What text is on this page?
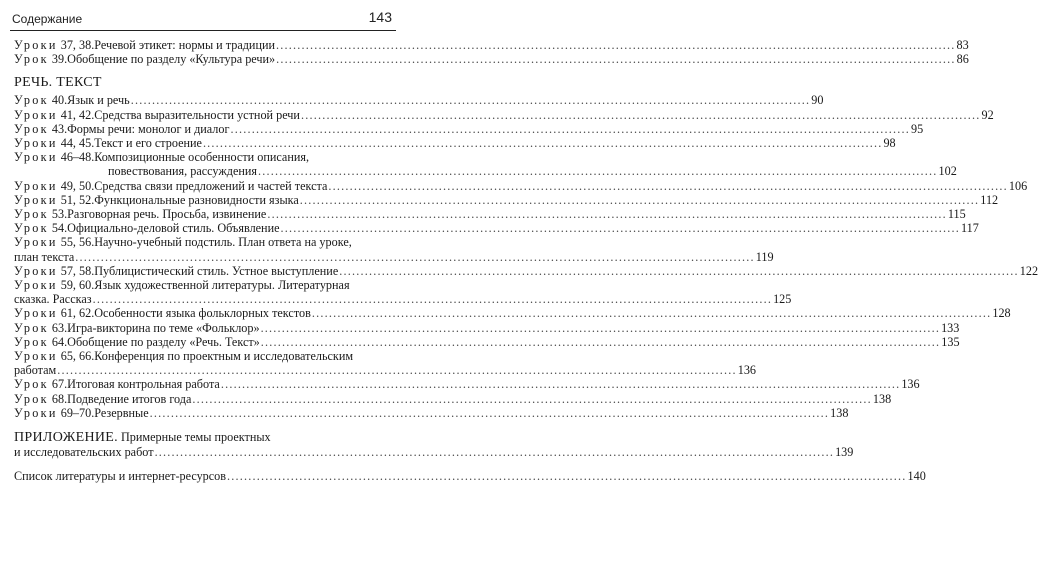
Содержание	143
Уроки 37, 38. Речевой этикет: нормы и традиции ................................................................................................................................................................ 83
Урок 39. Обобщение по разделу «Культура речи» ................................................................................................................................................................ 86
РЕЧЬ. ТЕКСТ
Урок 40. Язык и речь ................................................................................................................................................................ 90
Уроки 41, 42. Средства выразительности устной речи ................................................................................................................................................................ 92
Урок 43. Формы речи: монолог и диалог ................................................................................................................................................................ 95
Уроки 44, 45. Текст и его строение ................................................................................................................................................................ 98
Уроки 46–48. Композиционные особенности описания,
повествования, рассуждения ................................................................................................................................................................ 102
Уроки 49, 50. Средства связи предложений и частей текста ................................................................................................................................................................ 106
Уроки 51, 52. Функциональные разновидности языка ................................................................................................................................................................ 112
Урок 53. Разговорная речь. Просьба, извинение ................................................................................................................................................................ 115
Урок 54. Официально-деловой стиль. Объявление ................................................................................................................................................................ 117
Уроки 55, 56. Научно-учебный подстиль. План ответа на уроке,
план текста ................................................................................................................................................................ 119
Уроки 57, 58. Публицистический стиль. Устное выступление ................................................................................................................................................................ 122
Уроки 59, 60. Язык художественной литературы. Литературная
сказка. Рассказ ................................................................................................................................................................ 125
Уроки 61, 62. Особенности языка фольклорных текстов ................................................................................................................................................................ 128
Урок 63. Игра-викторина по теме «Фольклор» ................................................................................................................................................................ 133
Урок 64. Обобщение по разделу «Речь. Текст» ................................................................................................................................................................ 135
Уроки 65, 66. Конференция по проектным и исследовательским
работам ................................................................................................................................................................ 136
Урок 67. Итоговая контрольная работа ................................................................................................................................................................ 136
Урок 68. Подведение итогов года ................................................................................................................................................................ 138
Уроки 69–70. Резервные ................................................................................................................................................................ 138
ПРИЛОЖЕНИЕ. Примерные темы проектных
и исследовательских работ ................................................................................................................................................................ 139
Список литературы и интернет-ресурсов ................................................................................................................................................................ 140
